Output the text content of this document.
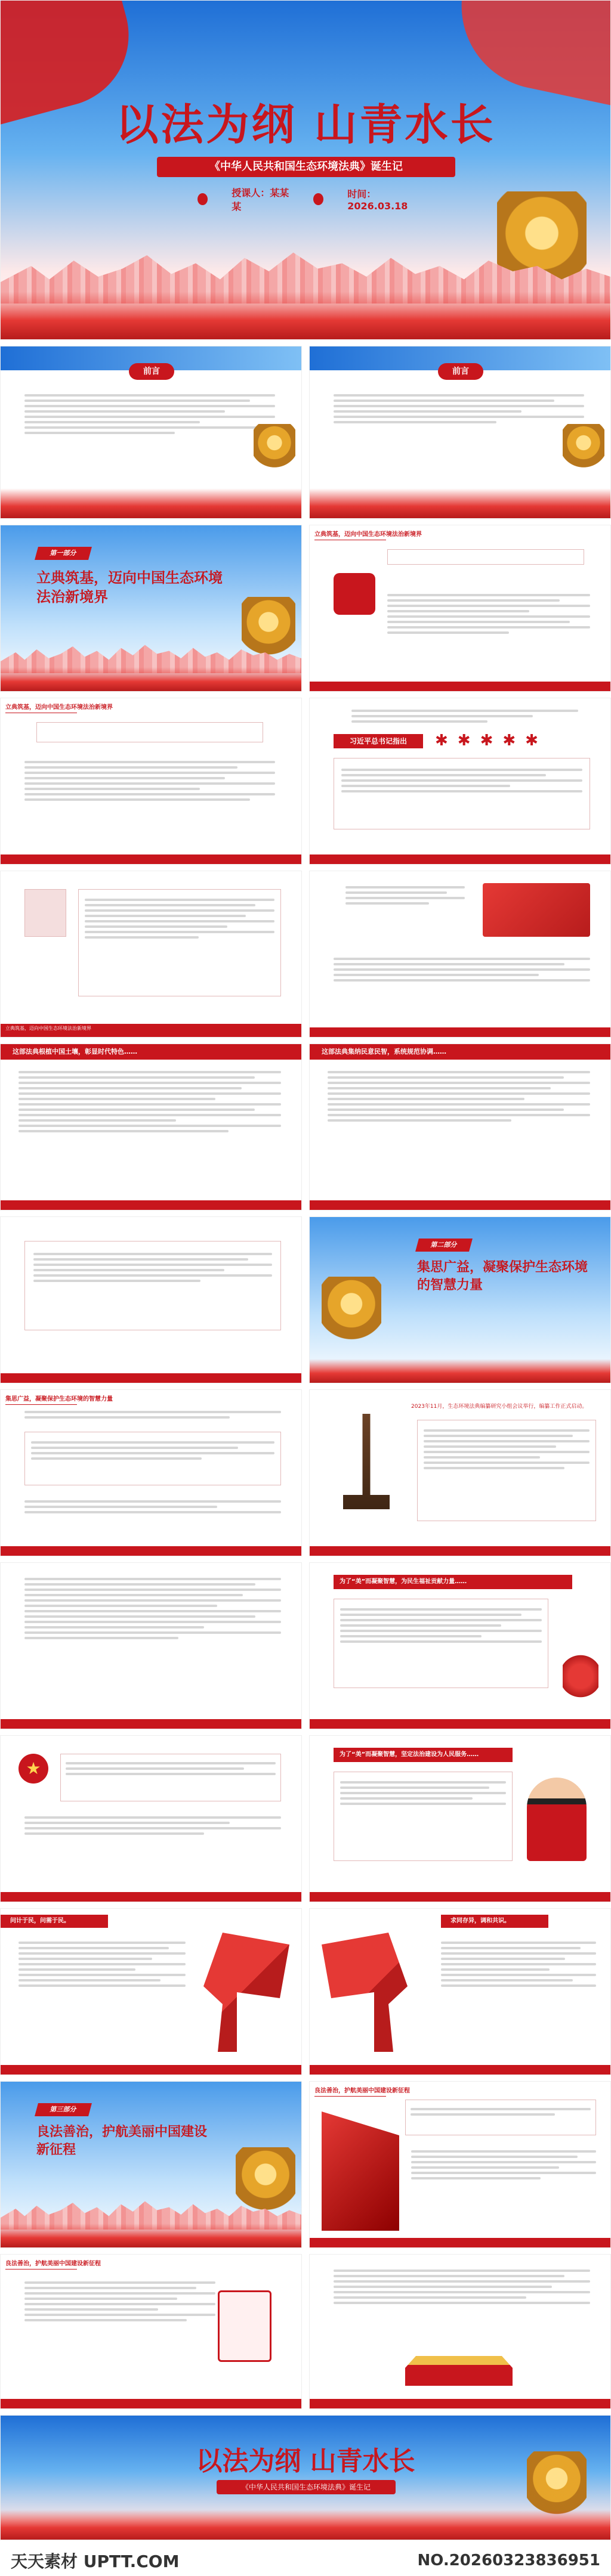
以法为纲 山青水长
《中华人民共和国生态环境法典》诞生记
授课人：某某某
时间：2026.03.18
前言	前言
第一部分
立典筑基，迈向中国生态环境法治新境界
立典筑基，迈向中国生态环境法治新境界
立典筑基，迈向中国生态环境法治新境界
习近平总书记指出	✱✱✱✱✱
立典筑基，迈向中国生态环境法治新境界
这部法典根植中国土壤，彰显时代特色……	这部法典集纳民意民智，系统规范协调……
第二部分
集思广益，凝聚保护生态环境的智慧力量
集思广益，凝聚保护生态环境的智慧力量
2023年11月，生态环境法典编纂研究小组会议举行，编纂工作正式启动。
为了“美”而凝聚智慧，为民生福祉贡献力量……
★
为了“美”而凝聚智慧，坚定法治建设为人民服务……
问计于民，问需于民。	求同存异，调和共识。
第三部分
良法善治，护航美丽中国建设新征程
良法善治，护航美丽中国建设新征程
良法善治，护航美丽中国建设新征程
以法为纲 山青水长
《中华人民共和国生态环境法典》诞生记
天天素材 UPTT.COM	NO.20260323836951
